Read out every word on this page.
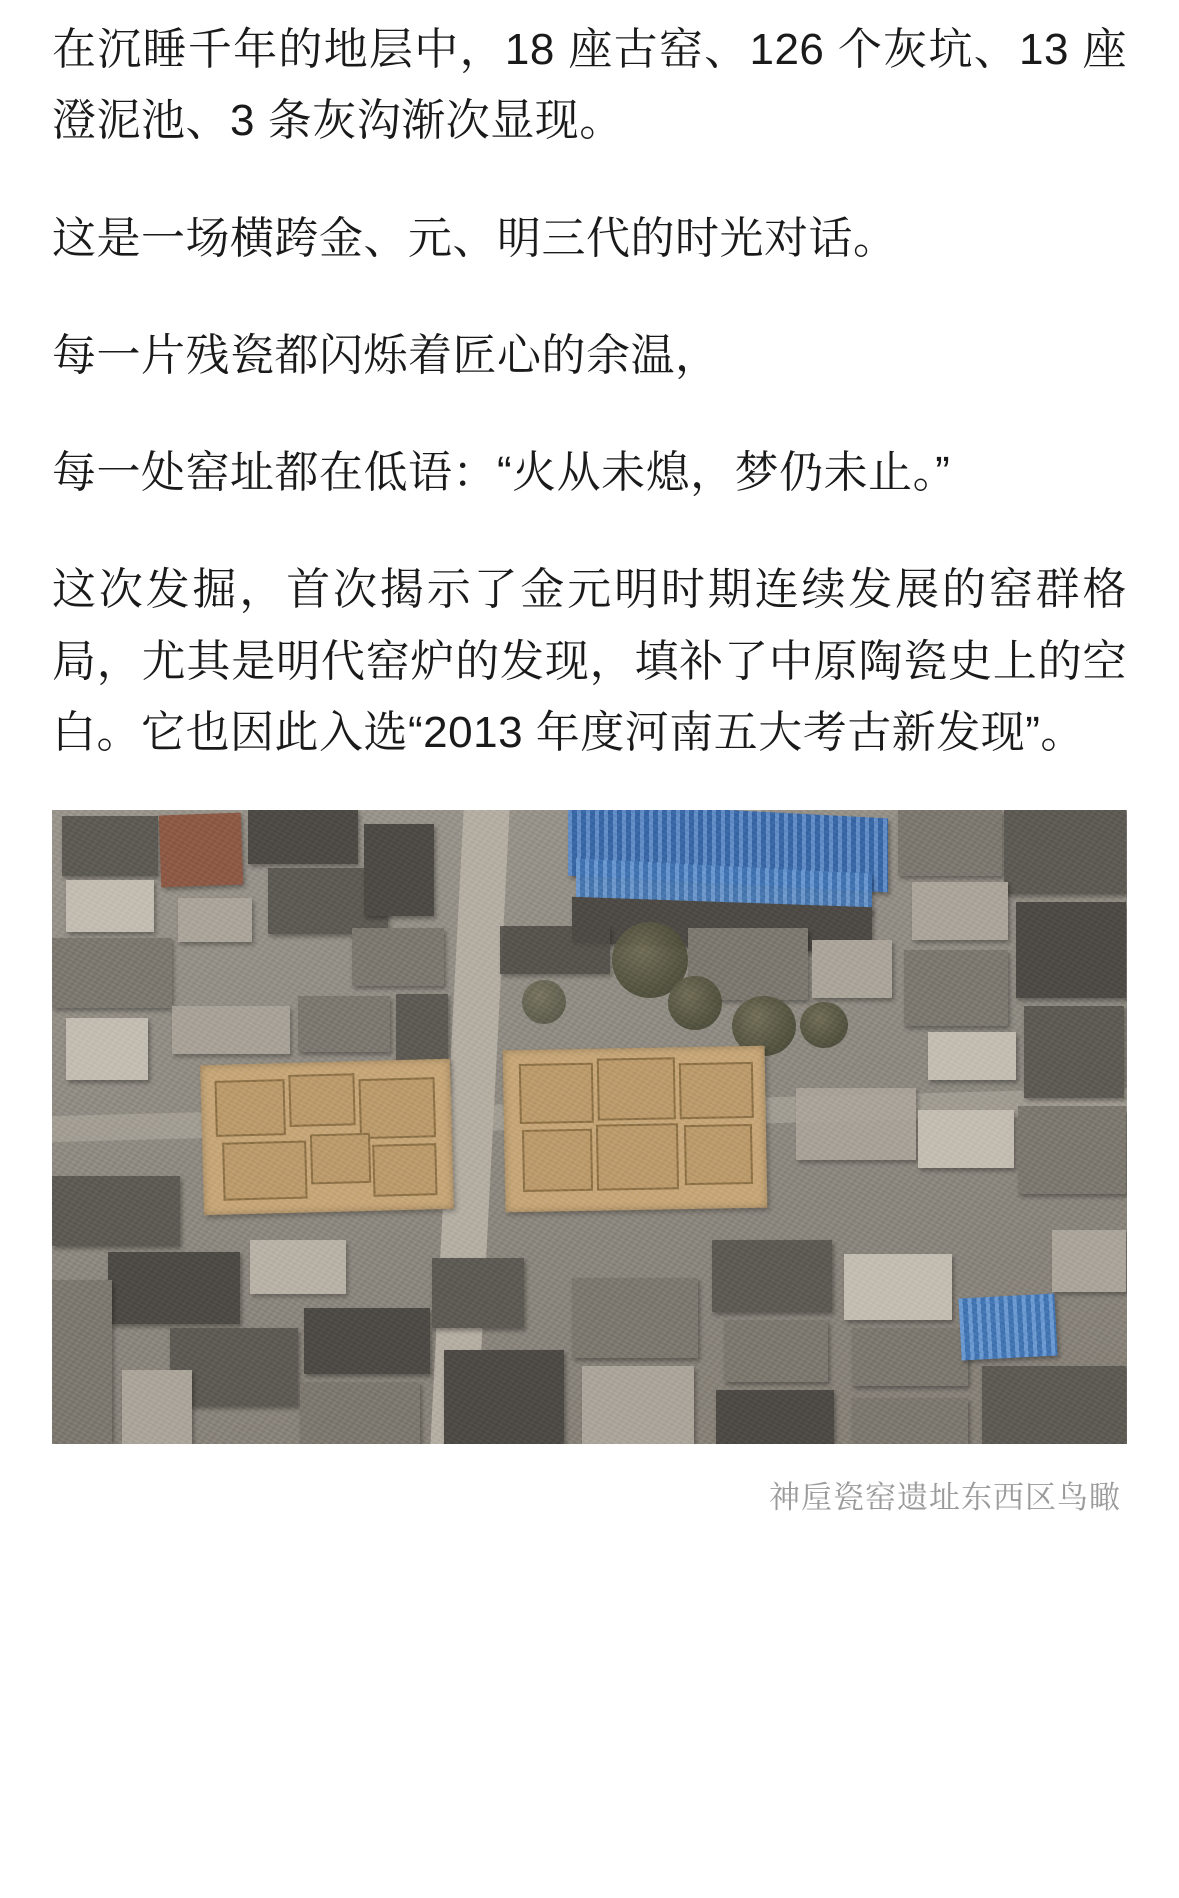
在沉睡千年的地层中，18 座古窑、126 个灰坑、13 座澄泥池、3 条灰沟渐次显现。

这是一场横跨金、元、明三代的时光对话。

每一片残瓷都闪烁着匠心的余温，

每一处窑址都在低语：“火从未熄，梦仍未止。”

这次发掘，首次揭示了金元明时期连续发展的窑群格局，尤其是明代窑炉的发现，填补了中原陶瓷史上的空白。它也因此入选“2013 年度河南五大考古新发现”。

神垕瓷窑遗址东西区鸟瞰
